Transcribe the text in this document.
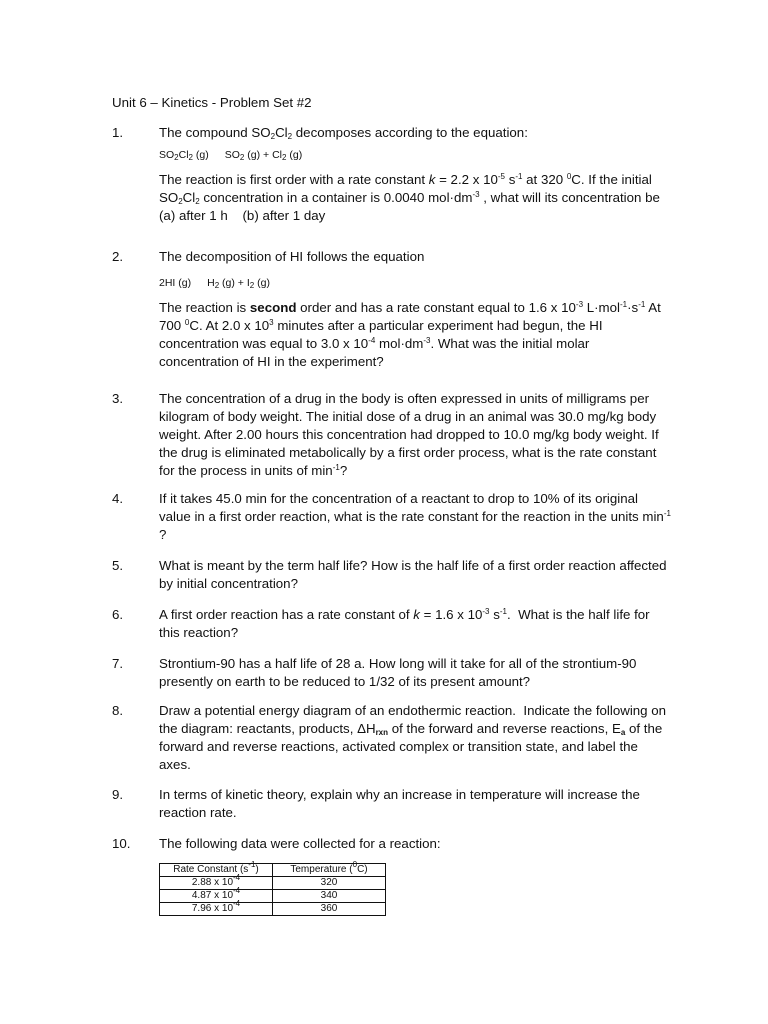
Unit 6 – Kinetics - Problem Set #2
1.	The compound $SO_2Cl_2$ decomposes according to the equation:

$SO_2Cl_2$ (g) $SO_2$ $(g) + Cl_2$ (g)

The reaction is first order with a rate constant k = 2.2 x $10^{-5}$ $s^{-1}$ at 320 $^0$C. If the initial $SO_2Cl_2$ concentration in a container is 0.0040 $mol\cdot dm^{-3}$ , what will its concentration be (a) after 1 h    (b) after 1 day

2.	The decomposition of HI follows the equation

2HI (g) $H_2$ $(g) + I_2$ (g)

The reaction is second order and has a rate constant equal to 1.6 x $10^{-3}$ $L\cdot mol^{-1}\cdot s^{-1}$ At 700 $^0$C. At 2.0 x $10^3$ minutes after a particular experiment had begun, the HI concentration was equal to 3.0 x $10^{-4}$ $mol\cdot dm^{-3}$. What was the initial molar concentration of HI in the experiment?

3.	The concentration of a drug in the body is often expressed in units of milligrams per kilogram of body weight. The initial dose of a drug in an animal was 30.0 mg/kg body weight. After 2.00 hours this concentration had dropped to 10.0 mg/kg body weight. If the drug is eliminated metabolically by a first order process, what is the rate constant for the process in units of $\min^{-1}$?

4.	If it takes 45.0 min for the concentration of a reactant to drop to 10% of its original value in a first order reaction, what is the rate constant for the reaction in the units $\min^{-1}$ ?

5.	What is meant by the term half life? How is the half life of a first order reaction affected by initial concentration?

6.	A first order reaction has a rate constant of k = 1.6 x $10^{-3}$ $s^{-1}$.  What is the half life for this reaction?

7.	Strontium-90 has a half life of 28 a. How long will it take for all of the strontium-90 presently on earth to be reduced to 1/32 of its present amount?

8.	Draw a potential energy diagram of an endothermic reaction.  Indicate the following on the diagram: reactants, products, $\Delta H_{rxn}$ of the forward and reverse reactions, $E_a$ of the forward and reverse reactions, activated complex or transition state, and label the axes.

9.	In terms of kinetic theory, explain why an increase in temperature will increase the reaction rate.

10. The following data were collected for a reaction:

Rate Constant $(s^{-1})$	Temperature ($^0$C)
2.88 x $10^{-4}$	320
4.87 x $10^{-4}$	340
7.96 x $10^{-4}$	360
